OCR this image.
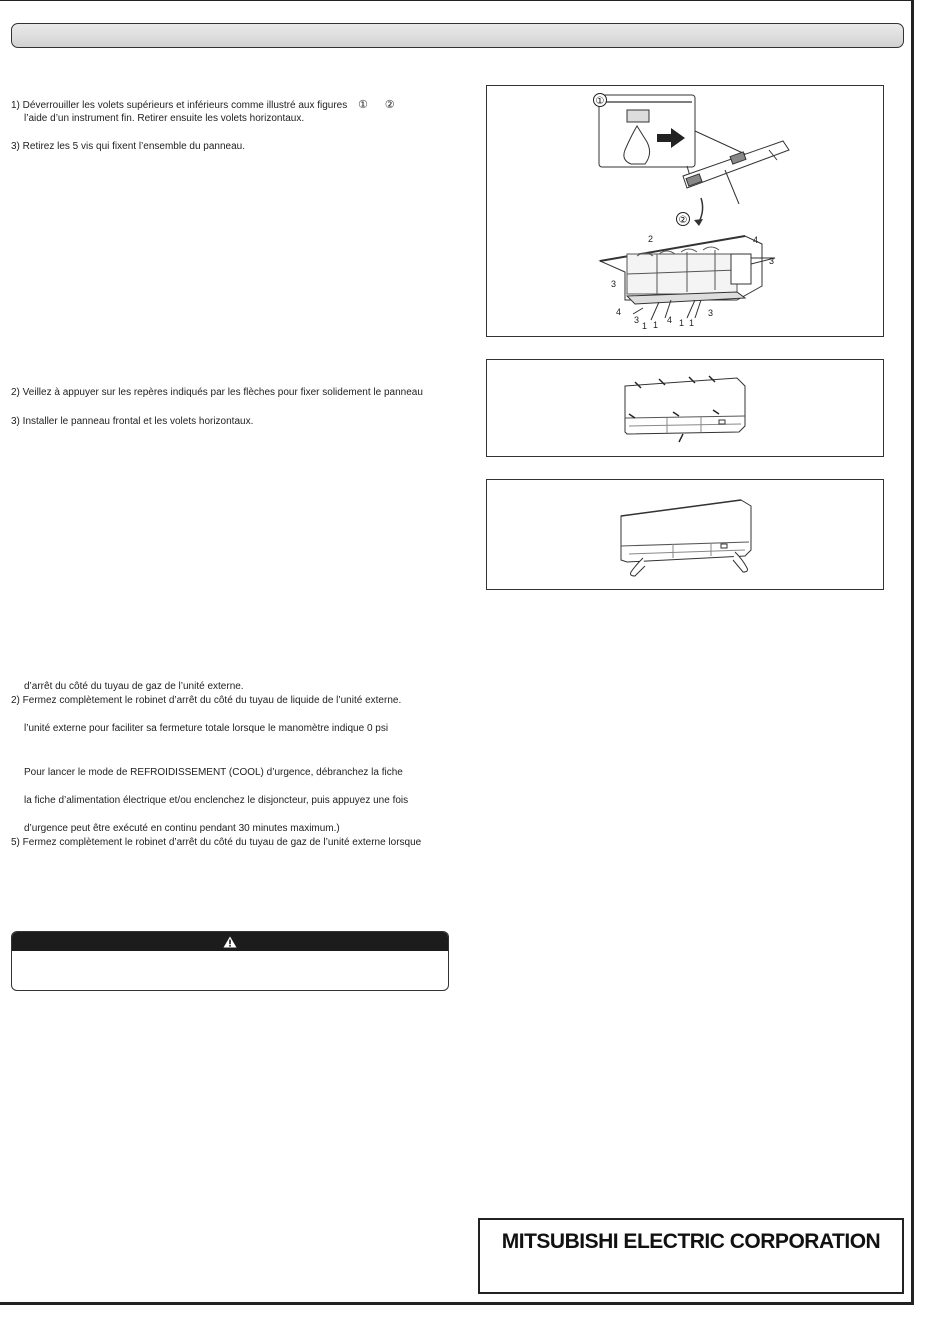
1) Déverrouiller les volets supérieurs et inférieurs comme illustré aux figures ① ②
l’aide d’un instrument fin. Retirer ensuite les volets horizontaux.
3) Retirez les 5 vis qui fixent l’ensemble du panneau.
2) Veillez à appuyer sur les repères indiqués par les flèches pour fixer solidement le panneau
3) Installer le panneau frontal et les volets horizontaux.
d’arrêt du côté du tuyau de gaz de l’unité externe.
2) Fermez complètement le robinet d’arrêt du côté du tuyau de liquide de l’unité externe.
l’unité externe pour faciliter sa fermeture totale lorsque le manomètre indique 0 psi
Pour lancer le mode de REFROIDISSEMENT (COOL) d’urgence, débranchez la fiche
la fiche d’alimentation électrique et/ou enclenchez le disjoncteur, puis appuyez une fois
d’urgence peut être exécuté en continu pendant 30 minutes maximum.)
5) Fermez complètement le robinet d’arrêt du côté du tuyau de gaz de l’unité externe lorsque
①
②
2	4
3
3
4
3
1 1 4 1 1
3
MITSUBISHI ELECTRIC CORPORATION
